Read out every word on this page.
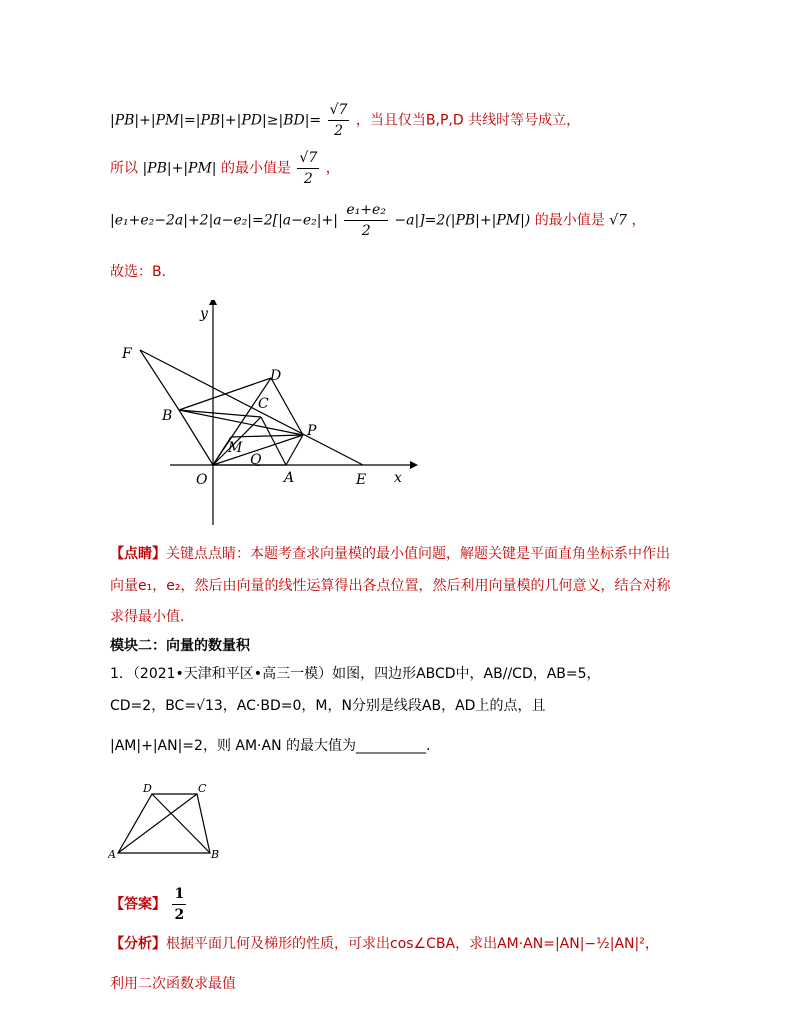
$|PB|+|PM|=|PB|+|PD|\ge|BD|= \frac{√7}{2}$ ，当且仅当B,P,D 共线时等号成立，
所以 |PB|+|PM| 的最小值是 $\frac{√7}{2}$ ，
$|e_1+e_2-2a|+2|a-e_2|=2[|a-e_2|+| \frac{\text{e₁+e₂}}{2} -a|]=2(|PB|+|PM|)$ 的最小值是 √7 ，
故选：B．
y
x
F
D
C
B
P
M
Q
O	A	E
【点睛】关键点点睛：本题考查求向量模的最小值问题，解题关键是平面直角坐标系中作出
向量e₁，e₂，然后由向量的线性运算得出各点位置，然后利用向量模的几何意义，结合对称
求得最小值．
模块二：向量的数量积
1．（2021•天津和平区•高三一模）如图，四边形ABCD中，AB//CD，AB=5，
CD=2，BC=√13，AC·BD=0，M，N分别是线段AB，AD上的点，且
|AM|+|AN|=2，则 AM·AN 的最大值为__________.
D	C
A	B
【答案】 $\frac{1}{2}$
【分析】根据平面几何及梯形的性质，可求出cos∠CBA，求出AM·AN=|AN|−½|AN|²，
利用二次函数求最值
